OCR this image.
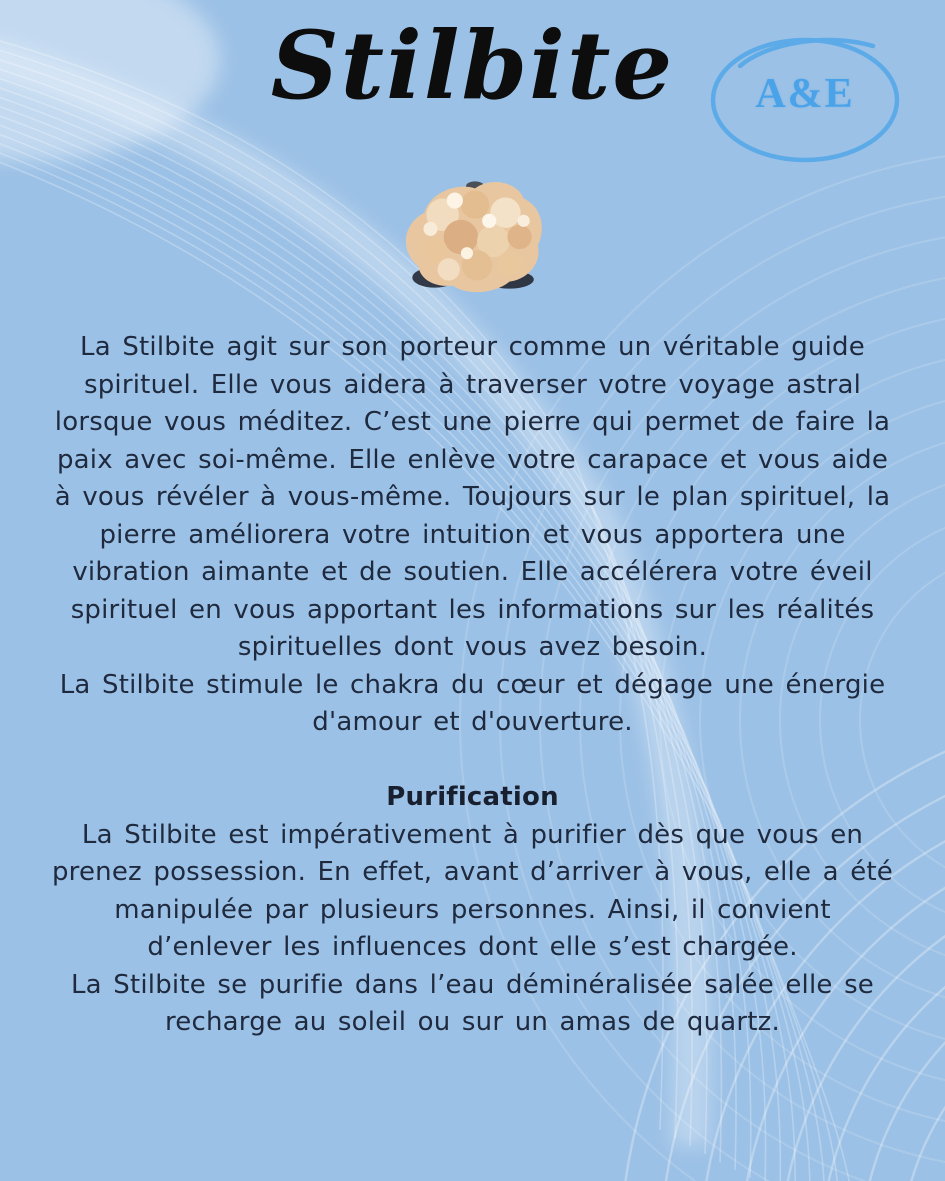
Stilbite	A&E
La Stilbite agit sur son porteur comme un véritable guide
spirituel. Elle vous aidera à traverser votre voyage astral
lorsque vous méditez. C’est une pierre qui permet de faire la
paix avec soi-même. Elle enlève votre carapace et vous aide
à vous révéler à vous-même. Toujours sur le plan spirituel, la
pierre améliorera votre intuition et vous apportera une
vibration aimante et de soutien. Elle accélérera votre éveil
spirituel en vous apportant les informations sur les réalités
spirituelles dont vous avez besoin.
La Stilbite stimule le chakra du cœur et dégage une énergie
d'amour et d'ouverture.
Purification
La Stilbite est impérativement à purifier dès que vous en
prenez possession. En effet, avant d’arriver à vous, elle a été
manipulée par plusieurs personnes. Ainsi, il convient
d’enlever les influences dont elle s’est chargée.
La Stilbite se purifie dans l’eau déminéralisée salée elle se
recharge au soleil ou sur un amas de quartz.
